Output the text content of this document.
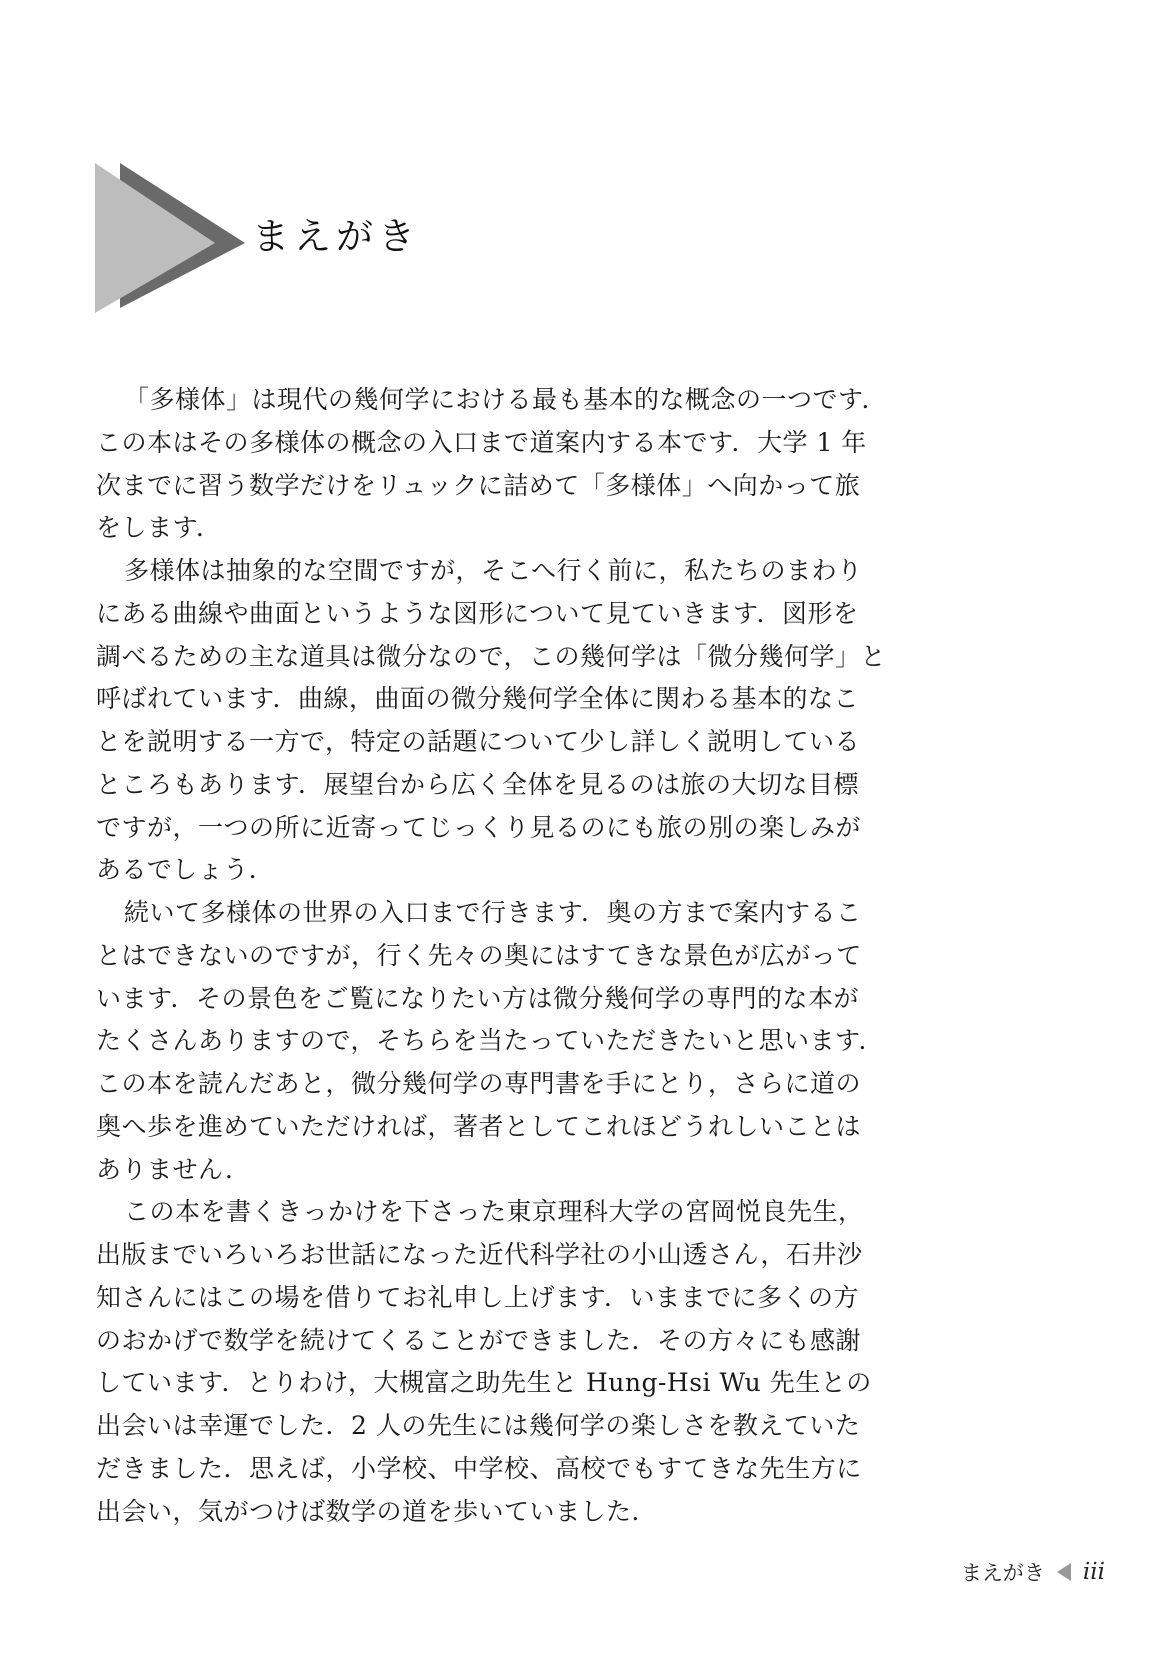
まえがき
「多様体」は現代の幾何学における最も基本的な概念の一つです．
この本はその多様体の概念の入口まで道案内する本です．大学 1 年
次までに習う数学だけをリュックに詰めて「多様体」へ向かって旅
をします．
多様体は抽象的な空間ですが，そこへ行く前に，私たちのまわり
にある曲線や曲面というような図形について見ていきます．図形を
調べるための主な道具は微分なので，この幾何学は「微分幾何学」と
呼ばれています．曲線，曲面の微分幾何学全体に関わる基本的なこ
とを説明する一方で，特定の話題について少し詳しく説明している
ところもあります．展望台から広く全体を見るのは旅の大切な目標
ですが，一つの所に近寄ってじっくり見るのにも旅の別の楽しみが
あるでしょう．
続いて多様体の世界の入口まで行きます．奥の方まで案内するこ
とはできないのですが，行く先々の奥にはすてきな景色が広がって
います．その景色をご覧になりたい方は微分幾何学の専門的な本が
たくさんありますので，そちらを当たっていただきたいと思います．
この本を読んだあと，微分幾何学の専門書を手にとり，さらに道の
奥へ歩を進めていただければ，著者としてこれほどうれしいことは
ありません．
この本を書くきっかけを下さった東京理科大学の宮岡悦良先生，
出版までいろいろお世話になった近代科学社の小山透さん，石井沙
知さんにはこの場を借りてお礼申し上げます．いままでに多くの方
のおかげで数学を続けてくることができました．その方々にも感謝
しています．とりわけ，大槻富之助先生と Hung-Hsi Wu 先生との
出会いは幸運でした．2 人の先生には幾何学の楽しさを教えていた
だきました．思えば，小学校、中学校、高校でもすてきな先生方に
出会い，気がつけば数学の道を歩いていました．
まえがき iii
